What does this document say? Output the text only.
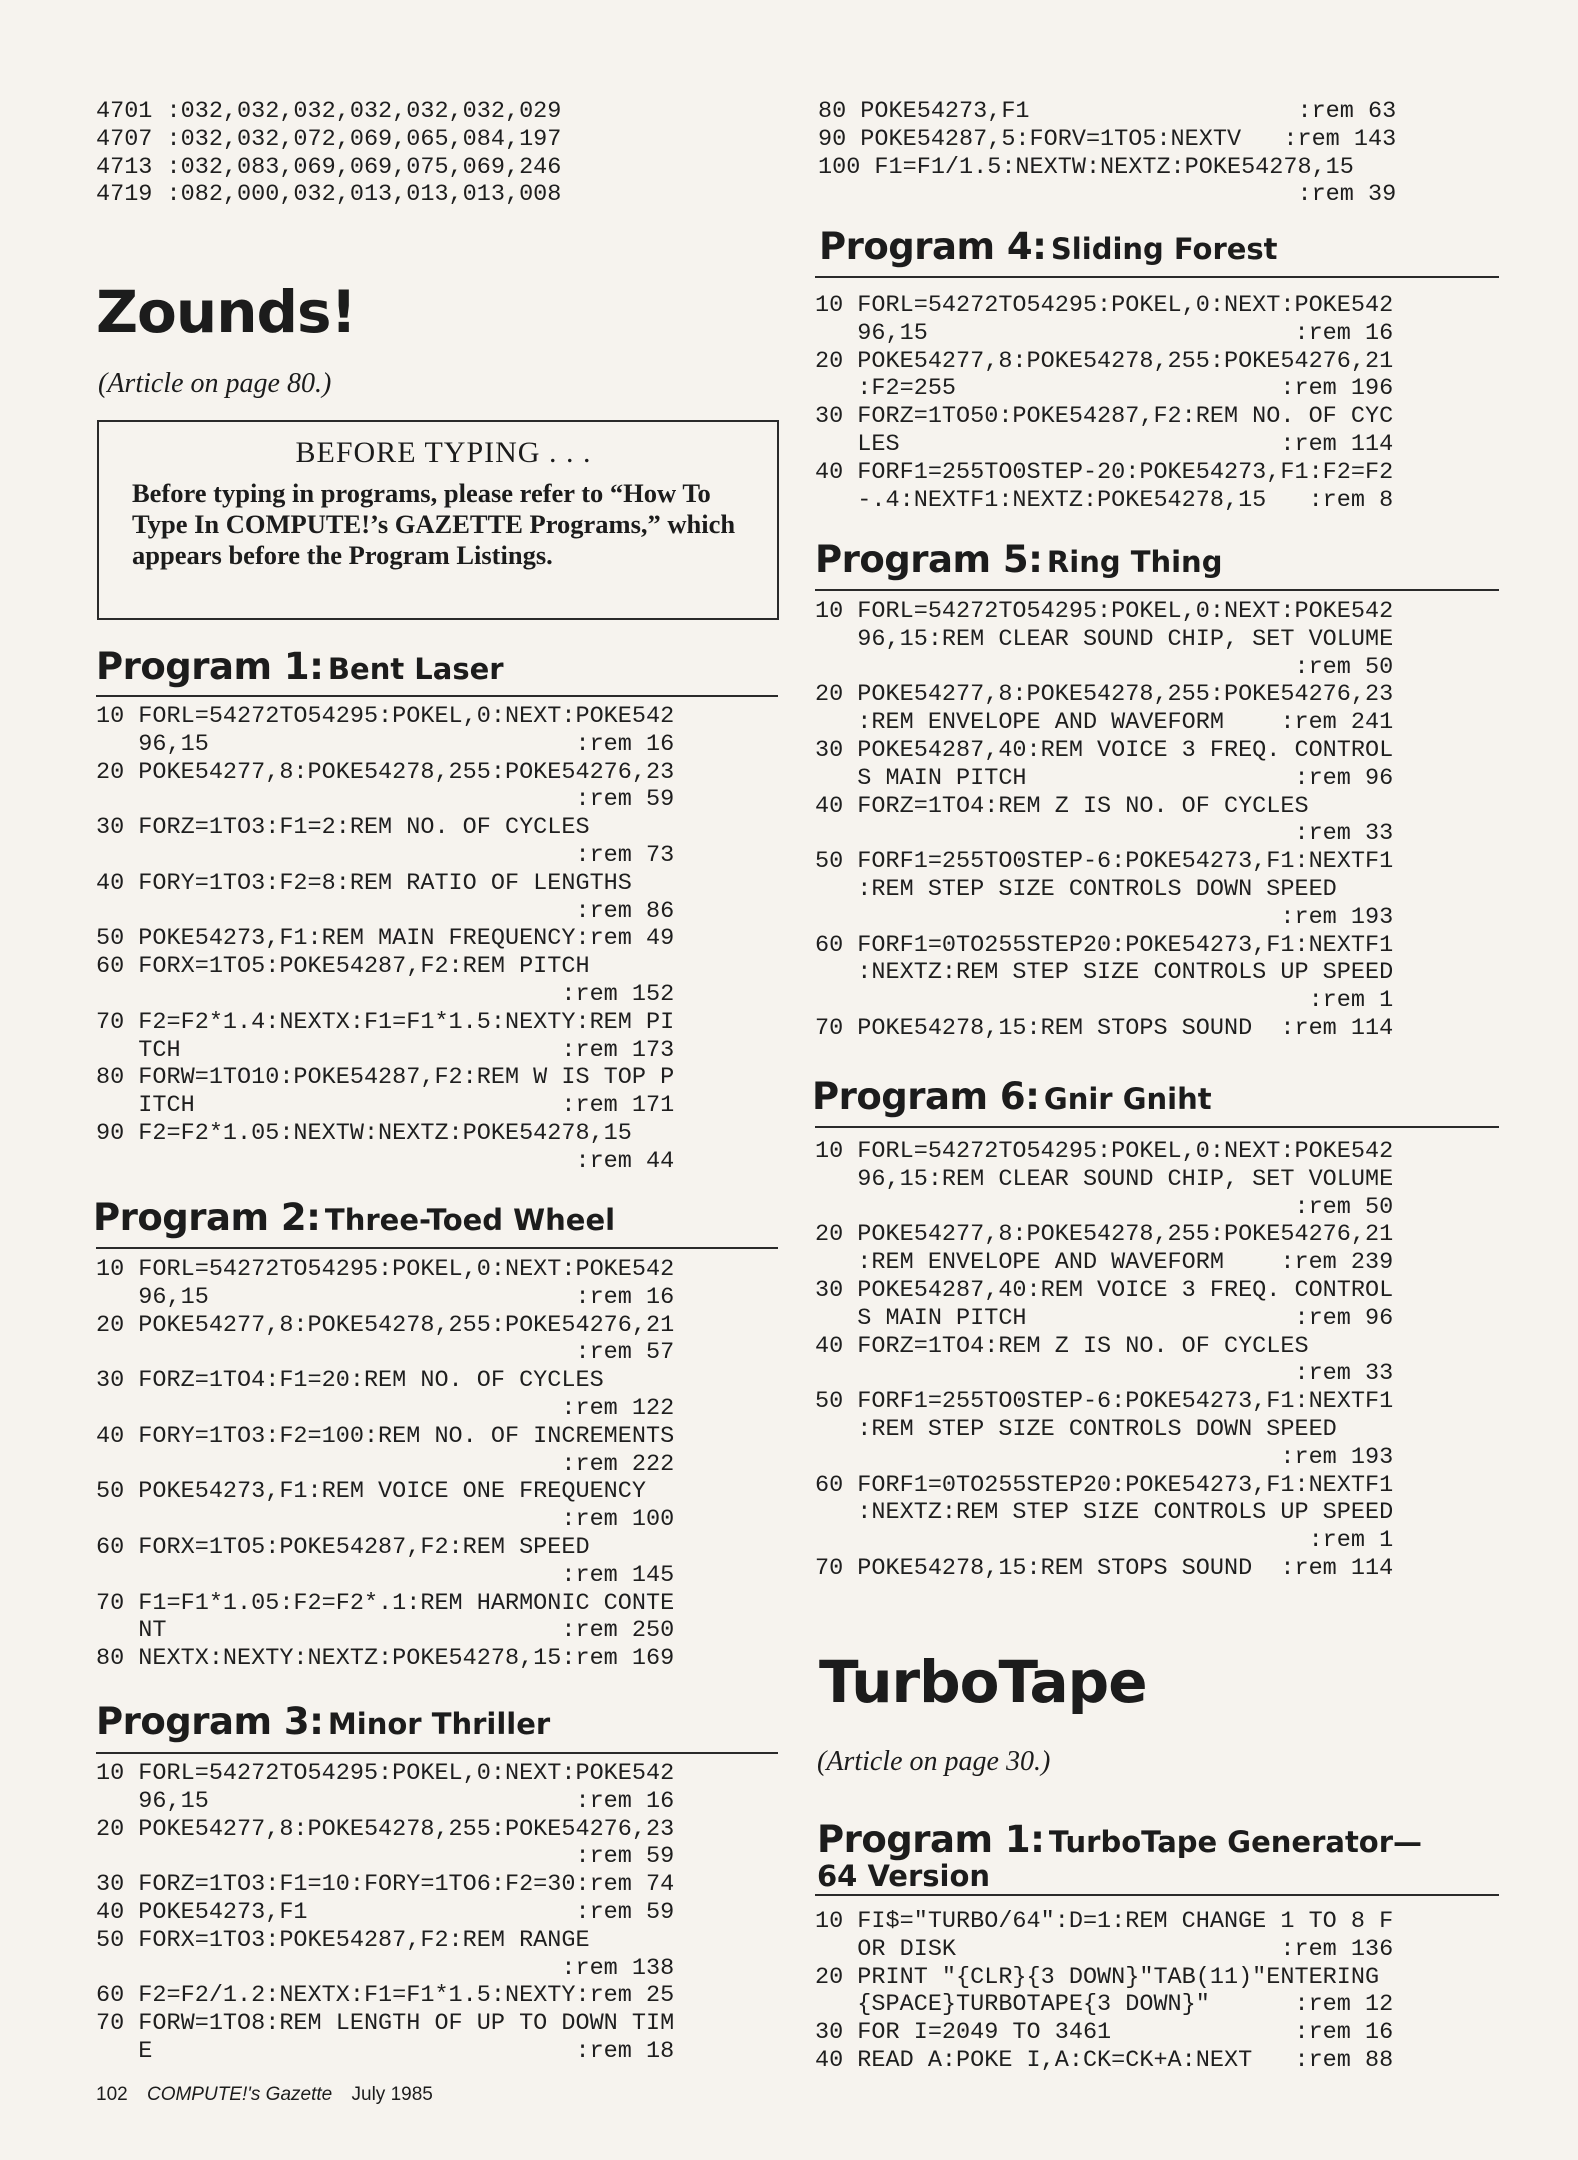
4701 :032,032,032,032,032,032,029
4707 :032,032,072,069,065,084,197
4713 :032,083,069,069,075,069,246
4719 :082,000,032,013,013,013,008
Zounds!

(Article on page 80.)

Program 1: Bent Laser
10 FORL=54272TO54295:POKEL,0:NEXT:POKE542
96,15                          :rem 16
20 POKE54277,8:POKE54278,255:POKE54276,23
:rem 59
30 FORZ=1TO3:F1=2:REM NO. OF CYCLES
:rem 73
40 FORY=1TO3:F2=8:REM RATIO OF LENGTHS
:rem 86
50 POKE54273,F1:REM MAIN FREQUENCY:rem 49
60 FORX=1TO5:POKE54287,F2:REM PITCH
:rem 152
70 F2=F2*1.4:NEXTX:F1=F1*1.5:NEXTY:REM PI
TCH                           :rem 173
80 FORW=1TO10:POKE54287,F2:REM W IS TOP P
ITCH                          :rem 171
90 F2=F2*1.05:NEXTW:NEXTZ:POKE54278,15
:rem 44
Program 2: Three-Toed Wheel
10 FORL=54272TO54295:POKEL,0:NEXT:POKE542
96,15                          :rem 16
20 POKE54277,8:POKE54278,255:POKE54276,21
:rem 57
30 FORZ=1TO4:F1=20:REM NO. OF CYCLES
:rem 122
40 FORY=1TO3:F2=100:REM NO. OF INCREMENTS
:rem 222
50 POKE54273,F1:REM VOICE ONE FREQUENCY
:rem 100
60 FORX=1TO5:POKE54287,F2:REM SPEED
:rem 145
70 F1=F1*1.05:F2=F2*.1:REM HARMONIC CONTE
NT                            :rem 250
80 NEXTX:NEXTY:NEXTZ:POKE54278,15:rem 169
Program 3: Minor Thriller
10 FORL=54272TO54295:POKEL,0:NEXT:POKE542
96,15                          :rem 16
20 POKE54277,8:POKE54278,255:POKE54276,23
:rem 59
30 FORZ=1TO3:F1=10:FORY=1TO6:F2=30:rem 74
40 POKE54273,F1                   :rem 59
50 FORX=1TO3:POKE54287,F2:REM RANGE
:rem 138
60 F2=F2/1.2:NEXTX:F1=F1*1.5:NEXTY:rem 25
70 FORW=1TO8:REM LENGTH OF UP TO DOWN TIM
E                              :rem 18

BEFORE TYPING . . .

Before typing in programs, please refer to “How To Type In COMPUTE!’s GAZETTE Programs,” which appears before the Program Listings.

80 POKE54273,F1                   :rem 63
90 POKE54287,5:FORV=1TO5:NEXTV   :rem 143
100 F1=F1/1.5:NEXTW:NEXTZ:POKE54278,15
:rem 39
Program 4: Sliding Forest
10 FORL=54272TO54295:POKEL,0:NEXT:POKE542
96,15                          :rem 16
20 POKE54277,8:POKE54278,255:POKE54276,21
:F2=255                       :rem 196
30 FORZ=1TO50:POKE54287,F2:REM NO. OF CYC
LES                           :rem 114
40 FORF1=255TO0STEP-20:POKE54273,F1:F2=F2
-.4:NEXTF1:NEXTZ:POKE54278,15   :rem 8
Program 5: Ring Thing
10 FORL=54272TO54295:POKEL,0:NEXT:POKE542
96,15:REM CLEAR SOUND CHIP, SET VOLUME
:rem 50
20 POKE54277,8:POKE54278,255:POKE54276,23
:REM ENVELOPE AND WAVEFORM    :rem 241
30 POKE54287,40:REM VOICE 3 FREQ. CONTROL
S MAIN PITCH                   :rem 96
40 FORZ=1TO4:REM Z IS NO. OF CYCLES
:rem 33
50 FORF1=255TO0STEP-6:POKE54273,F1:NEXTF1
:REM STEP SIZE CONTROLS DOWN SPEED
:rem 193
60 FORF1=0TO255STEP20:POKE54273,F1:NEXTF1
:NEXTZ:REM STEP SIZE CONTROLS UP SPEED
:rem 1
70 POKE54278,15:REM STOPS SOUND  :rem 114
Program 6: Gnir Gniht
10 FORL=54272TO54295:POKEL,0:NEXT:POKE542
96,15:REM CLEAR SOUND CHIP, SET VOLUME
:rem 50
20 POKE54277,8:POKE54278,255:POKE54276,21
:REM ENVELOPE AND WAVEFORM    :rem 239
30 POKE54287,40:REM VOICE 3 FREQ. CONTROL
S MAIN PITCH                   :rem 96
40 FORZ=1TO4:REM Z IS NO. OF CYCLES
:rem 33
50 FORF1=255TO0STEP-6:POKE54273,F1:NEXTF1
:REM STEP SIZE CONTROLS DOWN SPEED
:rem 193
60 FORF1=0TO255STEP20:POKE54273,F1:NEXTF1
:NEXTZ:REM STEP SIZE CONTROLS UP SPEED
:rem 1
70 POKE54278,15:REM STOPS SOUND  :rem 114
TurboTape

(Article on page 30.)

Program 1: TurboTape Generator—
64 Version
10 FI$="TURBO/64":D=1:REM CHANGE 1 TO 8 F
OR DISK                       :rem 136
20 PRINT "{CLR}{3 DOWN}"TAB(11)"ENTERING
{SPACE}TURBOTAPE{3 DOWN}"      :rem 12
30 FOR I=2049 TO 3461             :rem 16
40 READ A:POKE I,A:CK=CK+A:NEXT   :rem 88
102 COMPUTE!'s Gazette July 1985
